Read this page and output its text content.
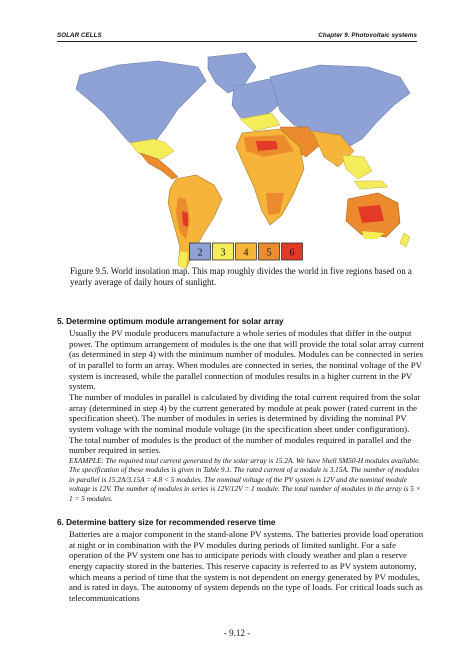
SOLAR CELLS	Chapter 9. Photovoltaic systems
2 3 4 5 6
Figure 9.5. World insolation map. This map roughly divides the world in five regions based on a yearly average of daily hours of sunlight.
5. Determine optimum module arrangement for solar array

Usually the PV module producers manufacture a whole series of modules that differ in the output power. The optimum arrangement of modules is the one that will provide the total solar array current (as determined in step 4) with the minimum number of modules. Modules can be connected in series of in parallel to form an array. When modules are connected in series, the nominal voltage of the PV system is increased, while the parallel connection of modules results in a higher current in the PV system.

The number of modules in parallel is calculated by dividing the total current required from the solar array (determined in step 4) by the current generated by module at peak power (rated current in the specification sheet). The number of modules in series is determined by dividing the nominal PV system voltage with the nominal module voltage (in the specification sheet under configuration). The total number of modules is the product of the number of modules required in parallel and the number required in series.

EXAMPLE: The required total current generated by the solar array is 15.2A. We have Shell SM50-H modules available. The specification of these modules is given in Table 9.1. The rated current of a module is 3.15A. The number of modules in parallel is 15.2A/3.15A = 4.8 < 5 modules. The nominal voltage of the PV system is 12V and the nominal module voltage is 12V. The number of modules in series is 12V/12V = 1 module. The total number of modules in the array is 5 × 1 = 5 modules.

6. Determine battery size for recommended reserve time

Batteries are a major component in the stand-alone PV systems. The batteries provide load operation at night or in combination with the PV modules during periods of limited sunlight. For a safe operation of the PV system one has to anticipate periods with cloudy weather and plan a reserve energy capacity stored in the batteries. This reserve capacity is referred to as PV system autonomy, which means a period of time that the system is not dependent on energy generated by PV modules, and is rated in days. The autonomy of system depends on the type of loads. For critical loads such as telecommunications

- 9.12 -
